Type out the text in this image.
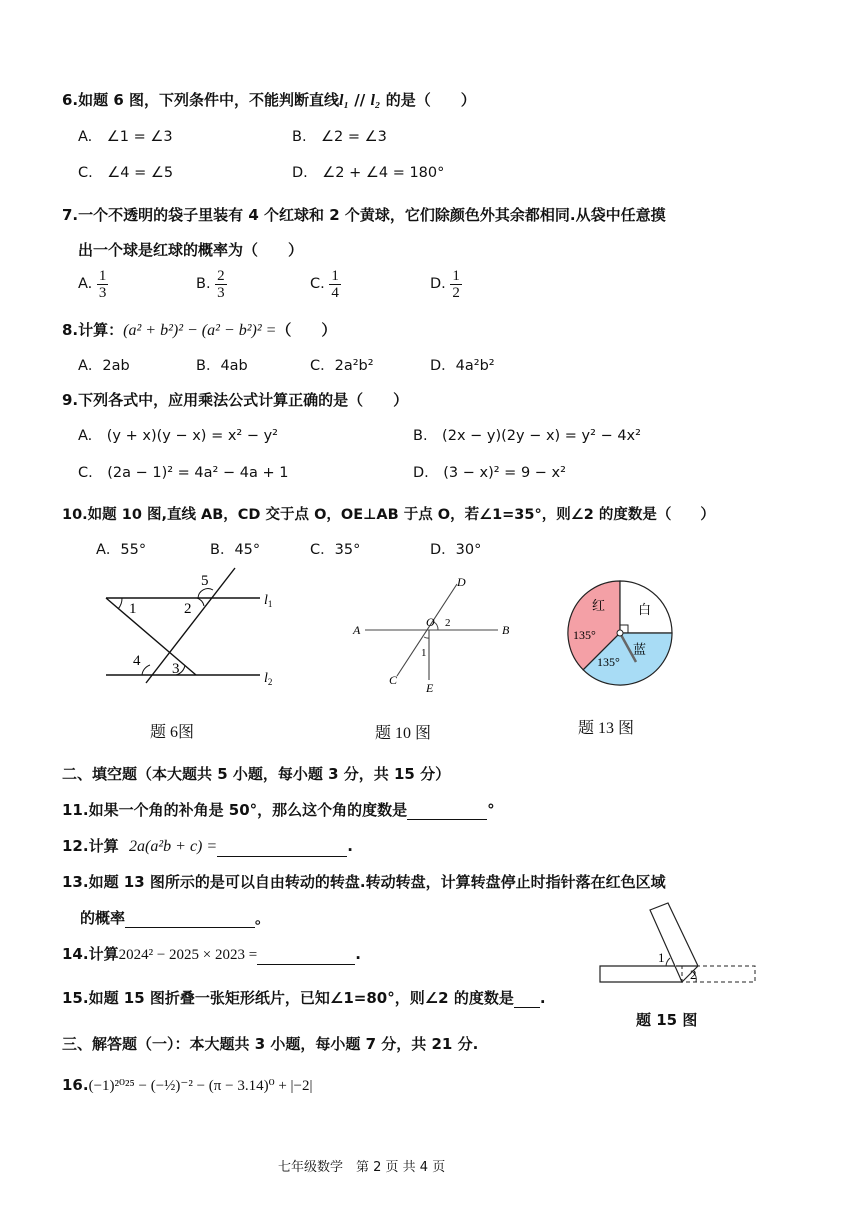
6.如题 6 图，下列条件中，不能判断直线l₁ // l₂ 的是（　　）
A.　∠1 = ∠3	B.　∠2 = ∠3
C.　∠4 = ∠5	D.　∠2 + ∠4 = 180°
7.一个不透明的袋子里装有 4 个红球和 2 个黄球，它们除颜色外其余都相同.从袋中任意摸
出一个球是红球的概率为（　　）
A. $\frac{1}{3}$	B. $\frac{2}{3}$	C. $\frac{1}{4}$	D. $\frac{1}{2}$
8.计算：(a² + b²)² − (a² − b²)² =（　　）
A．2ab	B．4ab	C．2a²b²	D．4a²b²
9.下列各式中，应用乘法公式计算正确的是（　　）
A.　(y + x)(y − x) = x² − y²	B.　(2x − y)(2y − x) = y² − 4x²
C.　(2a − 1)² = 4a² − 4a + 1	D.　(3 − x)² = 9 − x²
10.如题 10 图,直线 AB，CD 交于点 O，OE⊥AB 于点 O，若∠1=35°，则∠2 的度数是（　　）
A．55°	B．45°	C．35°	D．30°
5
1	2
4 3
$l_1$
$l_2$
题 6图
D
A	B
O 2
1
C
E
题 10 图
红	白
蓝
135°
135°
题 13 图
二、填空题（本大题共 5 小题，每小题 3 分，共 15 分）
11.如果一个角的补角是 50°，那么这个角的度数是	°
12.计算 2a(a²b + c) =	.
13.如题 13 图所示的是可以自由转动的转盘.转动转盘，计算转盘停止时指针落在红色区域
的概率	。
14.计算2024² − 2025 × 2023 =	.
15.如题 15 图折叠一张矩形纸片，已知∠1=80°，则∠2 的度数是 .
1
2
题 15 图
三、解答题（一）：本大题共 3 小题，每小题 7 分，共 21 分.
16.(−1)²⁰²⁵ − (−½)⁻² − (π − 3.14)⁰ + |−2|
七年级数学　第 2 页 共 4 页
